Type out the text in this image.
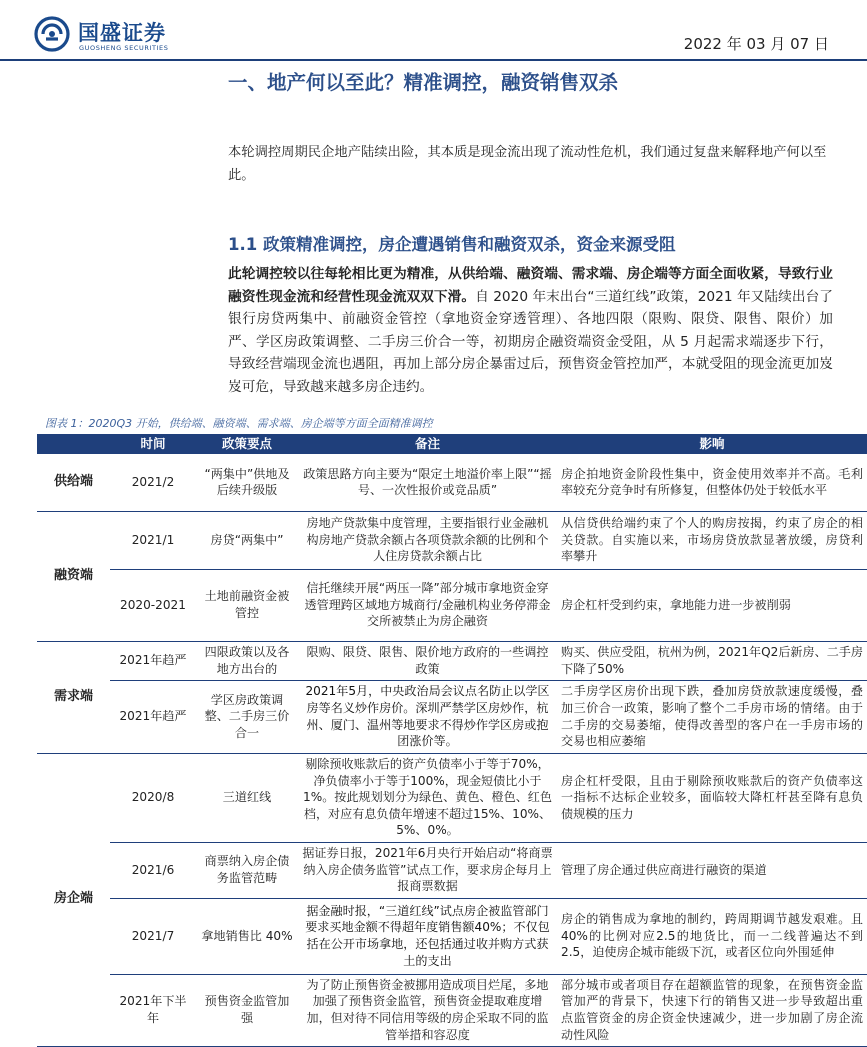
国盛证券
GUOSHENG SECURITIES	2022 年 03 月 07 日
一、地产何以至此？精准调控，融资销售双杀
本轮调控周期民企地产陆续出险，其本质是现金流出现了流动性危机，我们通过复盘来解释地产何以至此。
1.1 政策精准调控，房企遭遇销售和融资双杀，资金来源受阻
此轮调控较以往每轮相比更为精准，从供给端、融资端、需求端、房企端等方面全面收紧，导致行业融资性现金流和经营性现金流双双下滑。自 2020 年末出台“三道红线”政策，2021 年又陆续出台了银行房贷两集中、前融资金管控（拿地资金穿透管理）、各地四限（限购、限贷、限售、限价）加严、学区房政策调整、二手房三价合一等，初期房企融资端资金受阻，从 5 月起需求端逐步下行，导致经营端现金流也遇阻，再加上部分房企暴雷过后，预售资金管控加严，本就受阻的现金流更加岌岌可危，导致越来越多房企违约。
图表 1：2020Q3 开始，供给端、融资端、需求端、房企端等方面全面精准调控
	时间	政策要点	备注	影响
供给端	2021/2	“两集中”供地及后续升级版	政策思路方向主要为“限定土地溢价率上限”“摇号、一次性报价或竞品质”	房企拍地资金阶段性集中，资金使用效率并不高。毛利率较充分竞争时有所修复，但整体仍处于较低水平
融资端	2021/1	房贷“两集中”	房地产贷款集中度管理，主要指银行业金融机构房地产贷款余额占各项贷款余额的比例和个人住房贷款余额占比	从信贷供给端约束了个人的购房按揭，约束了房企的相关贷款。自实施以来，市场房贷放款显著放缓，房贷利率攀升
	2020-2021	土地前融资金被管控	信托继续开展“两压一降”部分城市拿地资金穿透管理跨区域地方城商行/金融机构业务停滞金交所被禁止为房企融资	房企杠杆受到约束，拿地能力进一步被削弱
需求端	2021年趋严	四限政策以及各地方出台的	限购、限贷、限售、限价地方政府的一些调控政策	购买、供应受阻，杭州为例，2021年Q2后新房、二手房下降了50%
	2021年趋严	学区房政策调整、二手房三价合一	2021年5月，中央政治局会议点名防止以学区房等名义炒作房价。深圳严禁学区房炒作，杭州、厦门、温州等地要求不得炒作学区房或抱团涨价等。	二手房学区房价出现下跌，叠加房贷放款速度缓慢，叠加三价合一政策，影响了整个二手房市场的情绪。由于二手房的交易萎缩，使得改善型的客户在一手房市场的交易也相应萎缩
房企端	2020/8	三道红线	剔除预收账款后的资产负债率小于等于70%，净负债率小于等于100%，现金短债比小于1%。按此规划划分为绿色、黄色、橙色、红色档，对应有息负债年增速不超过15%、10%、5%、0%。	房企杠杆受限，且由于剔除预收账款后的资产负债率这一指标不达标企业较多，面临较大降杠杆甚至降有息负债规模的压力
	2021/6	商票纳入房企债务监管范畴	据证券日报，2021年6月央行开始启动“将商票纳入房企债务监管”试点工作，要求房企每月上报商票数据	管理了房企通过供应商进行融资的渠道
	2021/7	拿地销售比 40%	据金融时报，“三道红线”试点房企被监管部门要求买地金额不得超年度销售额40%；不仅包括在公开市场拿地，还包括通过收并购方式获土的支出	房企的销售成为拿地的制约，跨周期调节越发艰难。且40%的比例对应2.5的地货比，而一二线普遍达不到2.5，迫使房企城市能级下沉，或者区位向外围延伸
	2021年下半年	预售资金监管加强	为了防止预售资金被挪用造成项目烂尾，多地加强了预售资金监管，预售资金提取难度增加，但对待不同信用等级的房企采取不同的监管举措和容忍度	部分城市或者项目存在超额监管的现象，在预售资金监管加严的背景下，快速下行的销售又进一步导致超出重点监管资金的房企资金快速减少，进一步加剧了房企流动性风险
